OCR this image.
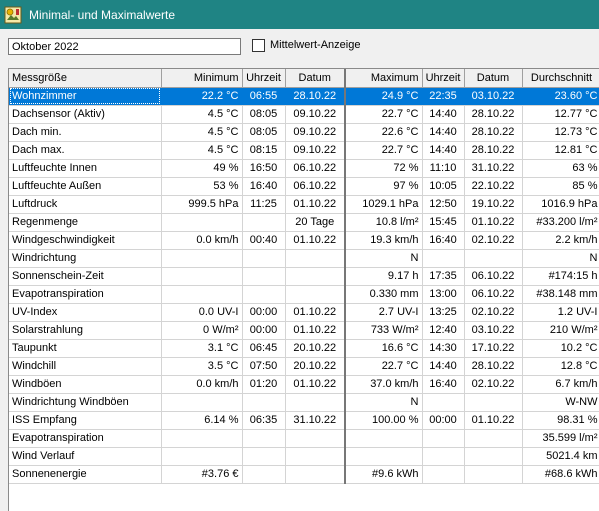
Minimal- und Maximalwerte
Oktober 2022
Mittelwert-Anzeige
Messgröße	Minimum	Uhrzeit	Datum	Maximum	Uhrzeit	Datum	Durchschnitt
Wohnzimmer	22.2 °C	06:55	28.10.22	24.9 °C	22:35	03.10.22	23.60 °C
Dachsensor (Aktiv)	4.5 °C	08:05	09.10.22	22.7 °C	14:40	28.10.22	12.77 °C
Dach min.	4.5 °C	08:05	09.10.22	22.6 °C	14:40	28.10.22	12.73 °C
Dach max.	4.5 °C	08:15	09.10.22	22.7 °C	14:40	28.10.22	12.81 °C
Luftfeuchte Innen	49 %	16:50	06.10.22	72 %	11:10	31.10.22	63 %
Luftfeuchte Außen	53 %	16:40	06.10.22	97 %	10:05	22.10.22	85 %
Luftdruck	999.5 hPa	11:25	01.10.22	1029.1 hPa	12:50	19.10.22	1016.9 hPa
Regenmenge			20 Tage	10.8 l/m²	15:45	01.10.22	#33.200 l/m²
Windgeschwindigkeit	0.0 km/h	00:40	01.10.22	19.3 km/h	16:40	02.10.22	2.2 km/h
Windrichtung				N			N
Sonnenschein-Zeit				9.17 h	17:35	06.10.22	#174:15 h
Evapotranspiration				0.330 mm	13:00	06.10.22	#38.148 mm
UV-Index	0.0 UV-I	00:00	01.10.22	2.7 UV-I	13:25	02.10.22	1.2 UV-I
Solarstrahlung	0 W/m²	00:00	01.10.22	733 W/m²	12:40	03.10.22	210 W/m²
Taupunkt	3.1 °C	06:45	20.10.22	16.6 °C	14:30	17.10.22	10.2 °C
Windchill	3.5 °C	07:50	20.10.22	22.7 °C	14:40	28.10.22	12.8 °C
Windböen	0.0 km/h	01:20	01.10.22	37.0 km/h	16:40	02.10.22	6.7 km/h
Windrichtung Windböen				N			W-NW
ISS Empfang	6.14 %	06:35	31.10.22	100.00 %	00:00	01.10.22	98.31 %
Evapotranspiration							35.599 l/m²
Wind Verlauf							5021.4 km
Sonnenenergie	#3.76 €			#9.6 kWh			#68.6 kWh
